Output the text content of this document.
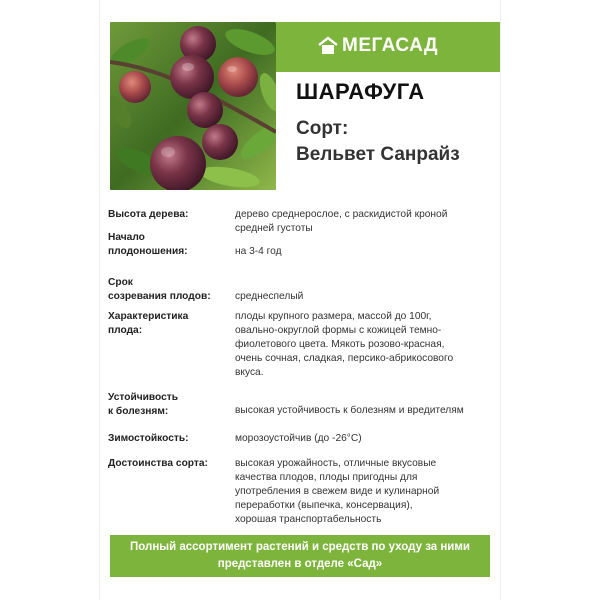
МЕГАСАД
ШАРАФУГА
Сорт:
Вельвет Санрайз
Высота дерева:	дерево среднерослое, с раскидистой кроной
средней густоты
Начало
плодоношения:	на 3-4 год
Срок
созревания плодов:	среднеспелый
Характеристика
плода:
плоды крупного размера, массой до 100г,
овально-округлой формы с кожицей темно-
фиолетового цвета. Мякоть розово-красная,
очень сочная, сладкая, персико-абрикосового
вкуса.
Устойчивость
к болезням:	высокая устойчивость к болезням и вредителям
Зимостойкость:	морозоустойчив (до -26°С)
Достоинства сорта:	высокая урожайность, отличные вкусовые
качества плодов, плоды пригодны для
употребления в свежем виде и кулинарной
переработки (выпечка, консервация),
хорошая транспортабельность
Полный ассортимент растений и средств по уходу за ними
представлен в отделе «Сад»
